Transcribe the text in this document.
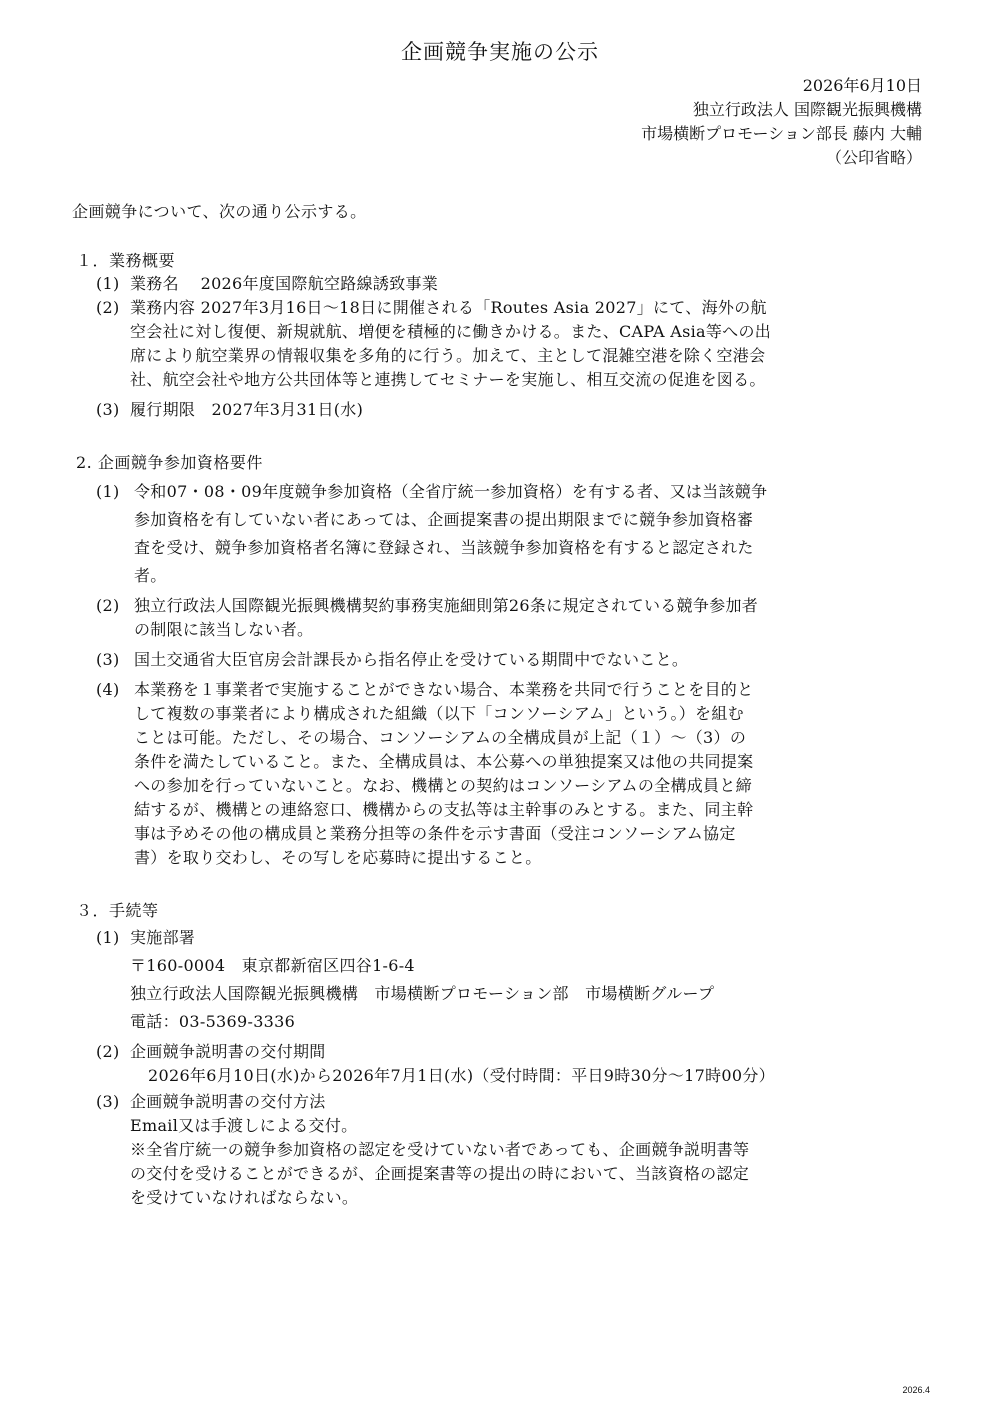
企画競争実施の公示
2026年6月10日
独立行政法人 国際観光振興機構
市場横断プロモーション部長 藤内 大輔
（公印省略）
企画競争について、次の通り公示する。
１．業務概要
(1) 業務名　 2026年度国際航空路線誘致事業
(2) 業務内容 2027年3月16日～18日に開催される「Routes Asia 2027」にて、海外の航
空会社に対し復便、新規就航、増便を積極的に働きかける。また、CAPA Asia等への出
席により航空業界の情報収集を多角的に行う。加えて、主として混雑空港を除く空港会
社、航空会社や地方公共団体等と連携してセミナーを実施し、相互交流の促進を図る。
(3) 履行期限　2027年3月31日(水)
2. 企画競争参加資格要件
(1) 令和07・08・09年度競争参加資格（全省庁統一参加資格）を有する者、又は当該競争
参加資格を有していない者にあっては、企画提案書の提出期限までに競争参加資格審
査を受け、競争参加資格者名簿に登録され、当該競争参加資格を有すると認定された
者。
(2) 独立行政法人国際観光振興機構契約事務実施細則第26条に規定されている競争参加者
の制限に該当しない者。
(3) 国土交通省大臣官房会計課長から指名停止を受けている期間中でないこと。
(4) 本業務を１事業者で実施することができない場合、本業務を共同で行うことを目的と
して複数の事業者により構成された組織（以下「コンソーシアム」という。）を組む
ことは可能。ただし、その場合、コンソーシアムの全構成員が上記（１）～（3）の
条件を満たしていること。また、全構成員は、本公募への単独提案又は他の共同提案
への参加を行っていないこと。なお、機構との契約はコンソーシアムの全構成員と締
結するが、機構との連絡窓口、機構からの支払等は主幹事のみとする。また、同主幹
事は予めその他の構成員と業務分担等の条件を示す書面（受注コンソーシアム協定
書）を取り交わし、その写しを応募時に提出すること。
３．手続等
(1) 実施部署
〒160-0004　東京都新宿区四谷1-6-4
独立行政法人国際観光振興機構　市場横断プロモーション部　市場横断グループ
電話：03-5369-3336
(2) 企画競争説明書の交付期間
2026年6月10日(水)から2026年7月1日(水)（受付時間：平日9時30分～17時00分）
(3) 企画競争説明書の交付方法
Email又は手渡しによる交付。
※全省庁統一の競争参加資格の認定を受けていない者であっても、企画競争説明書等
の交付を受けることができるが、企画提案書等の提出の時において、当該資格の認定
を受けていなければならない。
2026.4
